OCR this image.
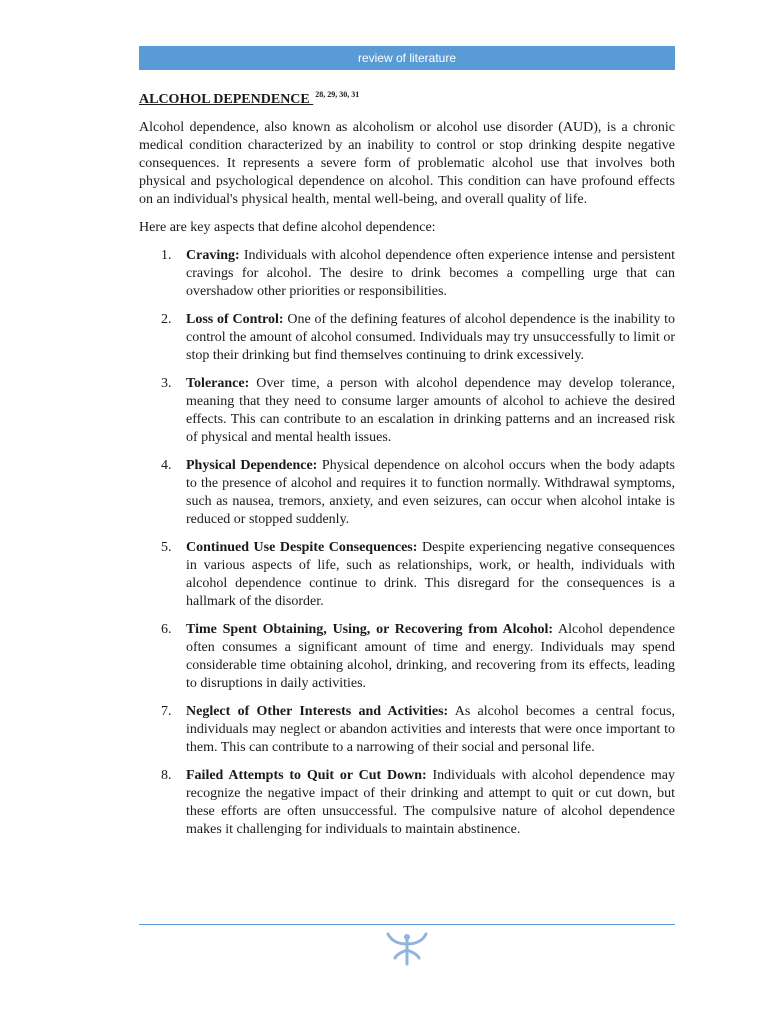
review of literature
ALCOHOL DEPENDENCE $^{28, 29, 30, 31}$

Alcohol dependence, also known as alcoholism or alcohol use disorder (AUD), is a chronic medical condition characterized by an inability to control or stop drinking despite negative consequences. It represents a severe form of problematic alcohol use that involves both physical and psychological dependence on alcohol. This condition can have profound effects on an individual's physical health, mental well-being, and overall quality of life.

Here are key aspects that define alcohol dependence:

1.	Craving: Individuals with alcohol dependence often experience intense and persistent cravings for alcohol. The desire to drink becomes a compelling urge that can overshadow other priorities or responsibilities.
2.	Loss of Control: One of the defining features of alcohol dependence is the inability to control the amount of alcohol consumed. Individuals may try unsuccessfully to limit or stop their drinking but find themselves continuing to drink excessively.
3.	Tolerance: Over time, a person with alcohol dependence may develop tolerance, meaning that they need to consume larger amounts of alcohol to achieve the desired effects. This can contribute to an escalation in drinking patterns and an increased risk of physical and mental health issues.
4.	Physical Dependence: Physical dependence on alcohol occurs when the body adapts to the presence of alcohol and requires it to function normally. Withdrawal symptoms, such as nausea, tremors, anxiety, and even seizures, can occur when alcohol intake is reduced or stopped suddenly.
5.	Continued Use Despite Consequences: Despite experiencing negative consequences in various aspects of life, such as relationships, work, or health, individuals with alcohol dependence continue to drink. This disregard for the consequences is a hallmark of the disorder.
6.	Time Spent Obtaining, Using, or Recovering from Alcohol: Alcohol dependence often consumes a significant amount of time and energy. Individuals may spend considerable time obtaining alcohol, drinking, and recovering from its effects, leading to disruptions in daily activities.
7.	Neglect of Other Interests and Activities: As alcohol becomes a central focus, individuals may neglect or abandon activities and interests that were once important to them. This can contribute to a narrowing of their social and personal life.
8.	Failed Attempts to Quit or Cut Down: Individuals with alcohol dependence may recognize the negative impact of their drinking and attempt to quit or cut down, but these efforts are often unsuccessful. The compulsive nature of alcohol dependence makes it challenging for individuals to maintain abstinence.
